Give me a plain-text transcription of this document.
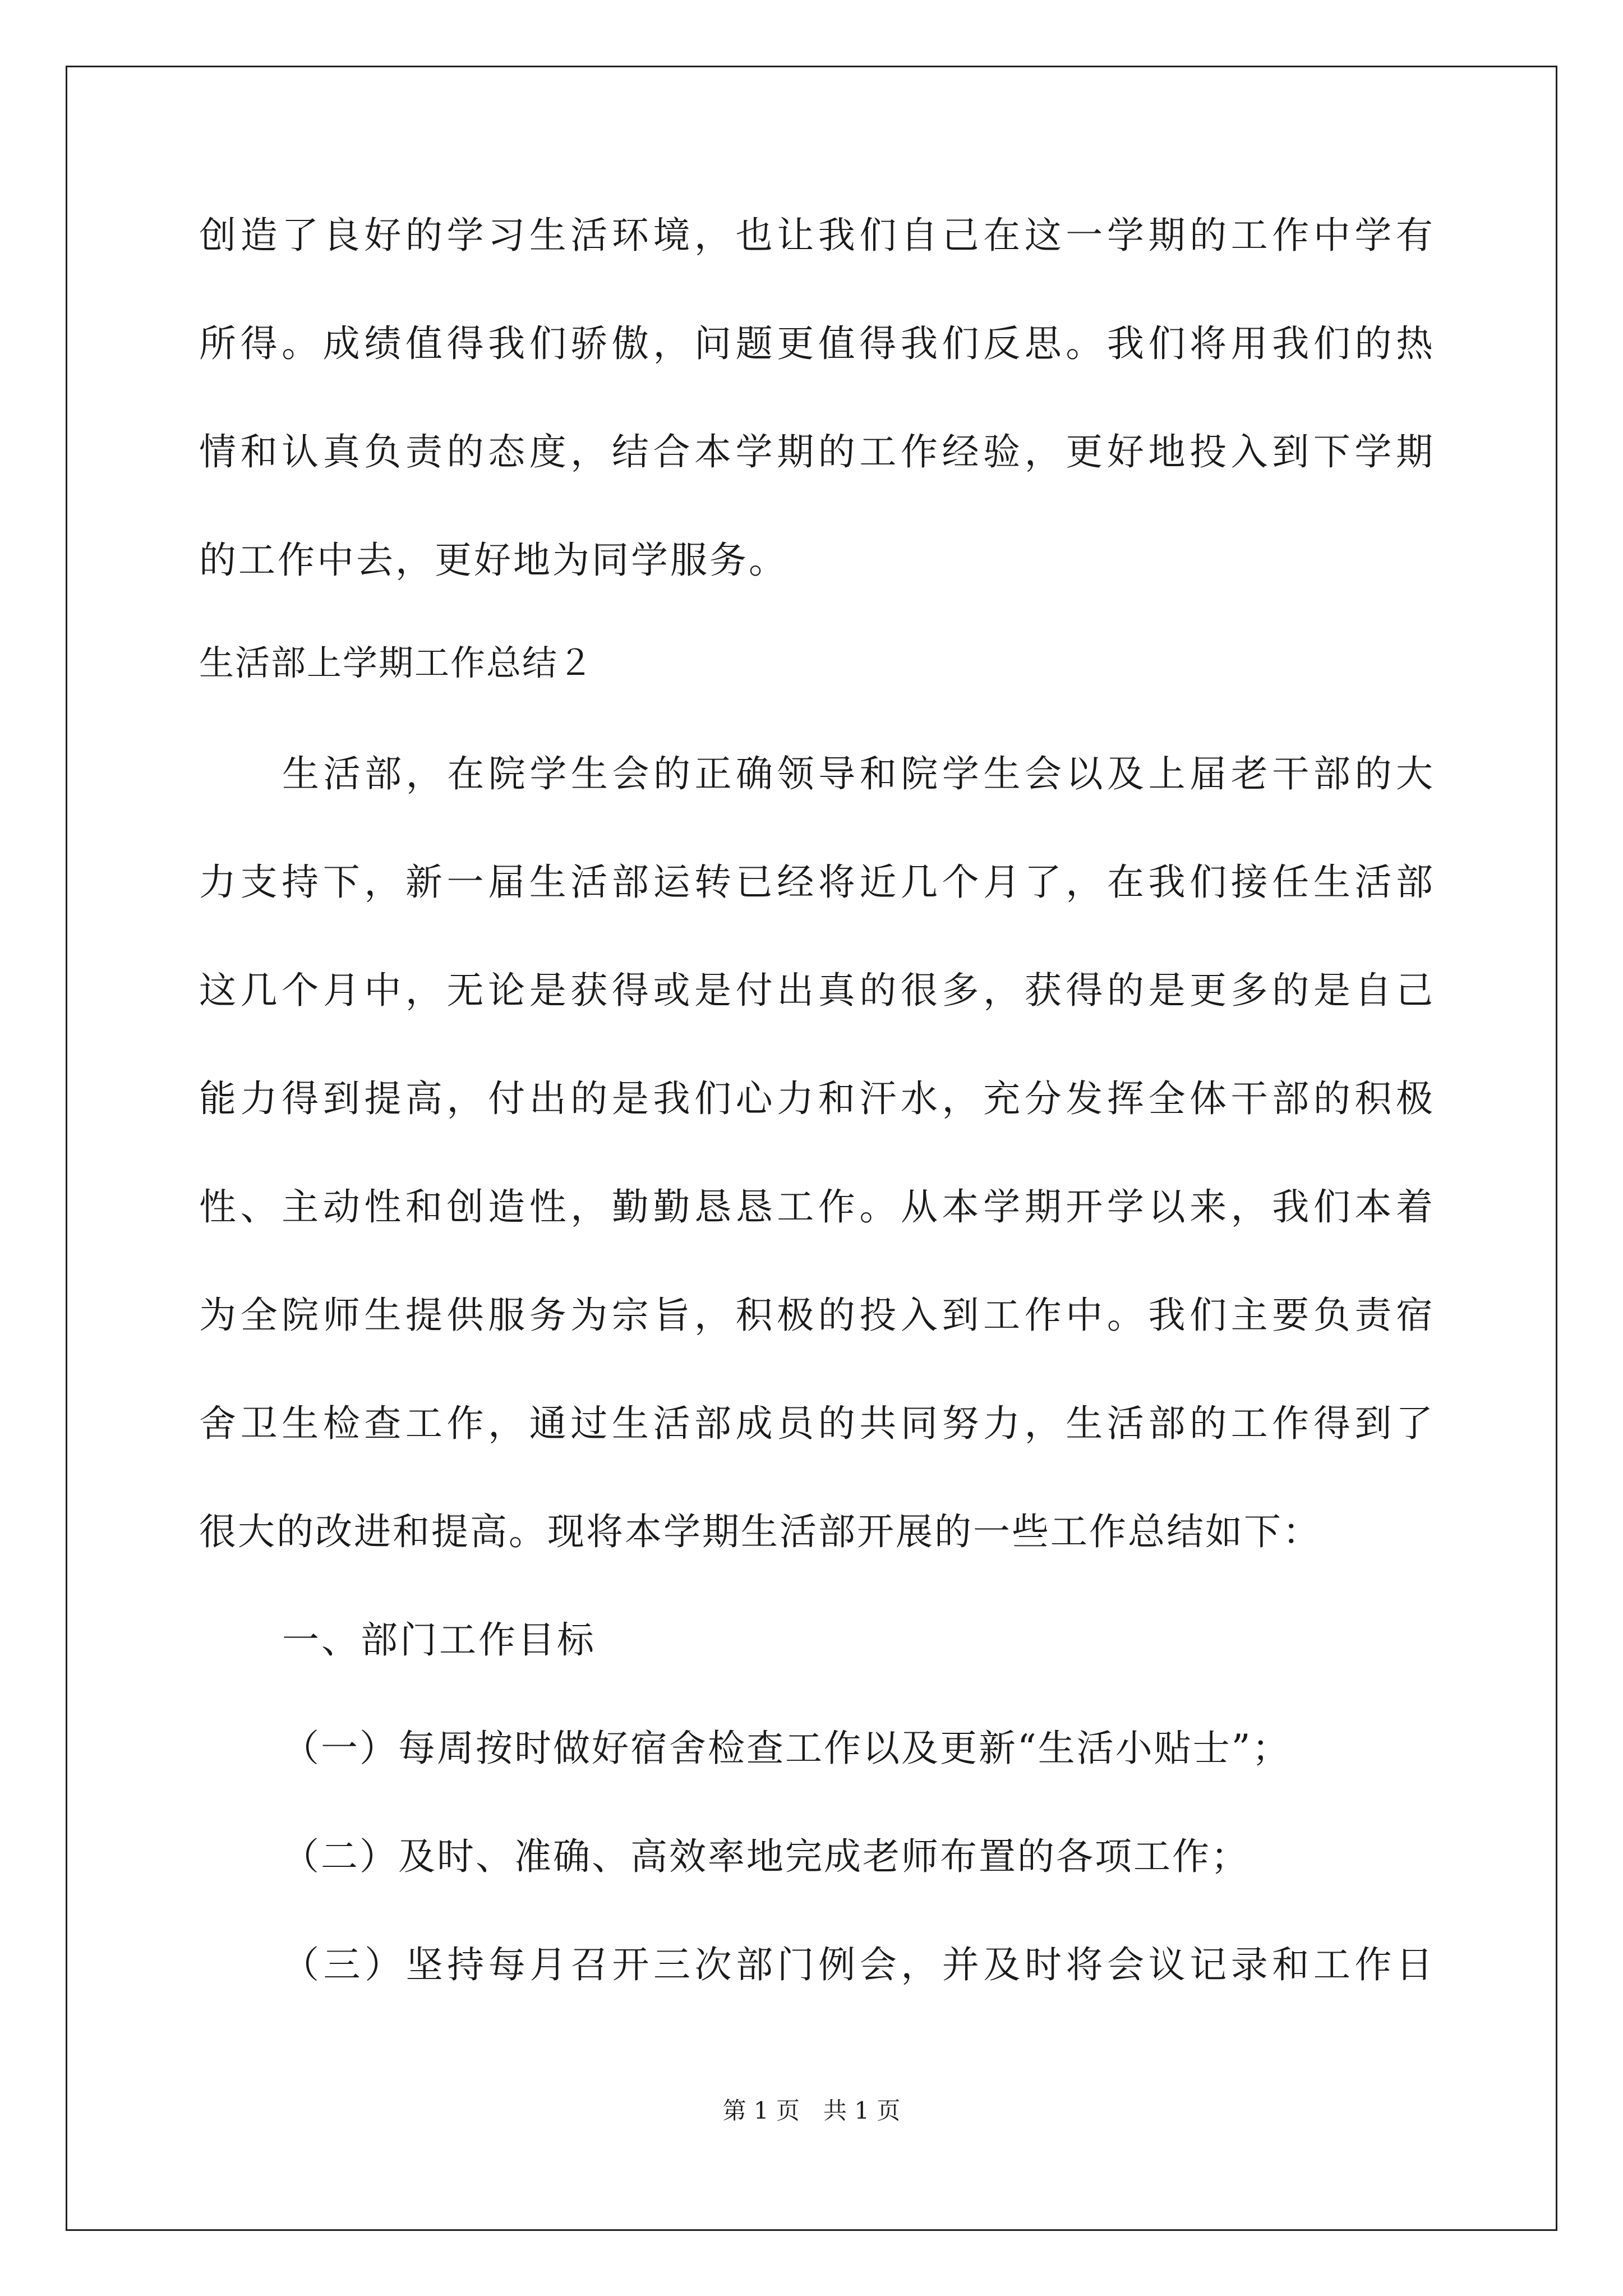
创造了良好的学习生活环境，也让我们自己在这一学期的工作中学有
所得。成绩值得我们骄傲，问题更值得我们反思。我们将用我们的热
情和认真负责的态度，结合本学期的工作经验，更好地投入到下学期
的工作中去，更好地为同学服务。
生活部上学期工作总结２
生活部，在院学生会的正确领导和院学生会以及上届老干部的大
力支持下，新一届生活部运转已经将近几个月了，在我们接任生活部
这几个月中，无论是获得或是付出真的很多，获得的是更多的是自己
能力得到提高，付出的是我们心力和汗水，充分发挥全体干部的积极
性、主动性和创造性，勤勤恳恳工作。从本学期开学以来，我们本着
为全院师生提供服务为宗旨，积极的投入到工作中。我们主要负责宿
舍卫生检查工作，通过生活部成员的共同努力，生活部的工作得到了
很大的改进和提高。现将本学期生活部开展的一些工作总结如下：
一、部门工作目标
（一）每周按时做好宿舍检查工作以及更新“生活小贴士”；
（二）及时、准确、高效率地完成老师布置的各项工作；
（三）坚持每月召开三次部门例会，并及时将会议记录和工作日
第 1 页　共 1 页
